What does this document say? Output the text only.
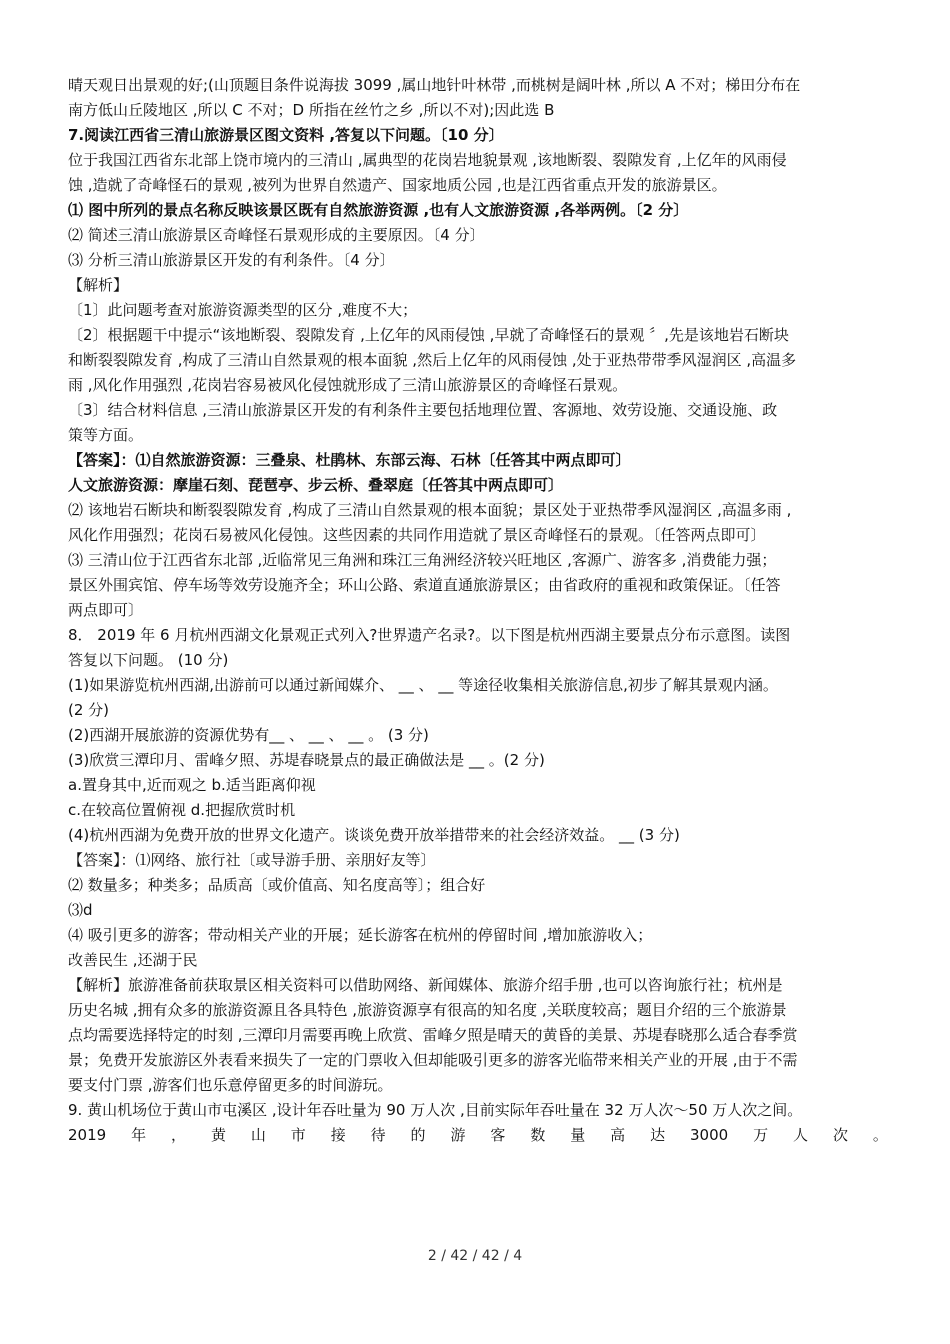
晴天观日出景观的好;(山顶题目条件说海拔 3099 ,属山地针叶林带 ,而桃树是阔叶林 ,所以 A 不对；梯田分布在
南方低山丘陵地区 ,所以 C 不对；D 所指在丝竹之乡 ,所以不对);因此选 B
7.阅读江西省三清山旅游景区图文资料 ,答复以下问题。〔10 分〕
位于我国江西省东北部上饶市境内的三清山 ,属典型的花岗岩地貌景观 ,该地断裂、裂隙发育 ,上亿年的风雨侵
蚀 ,造就了奇峰怪石的景观 ,被列为世界自然遗产、国家地质公园 ,也是江西省重点开发的旅游景区。
⑴ 图中所列的景点名称反映该景区既有自然旅游资源 ,也有人文旅游资源 ,各举两例。〔2 分〕
⑵ 简述三清山旅游景区奇峰怪石景观形成的主要原因。〔4 分〕
⑶ 分析三清山旅游景区开发的有利条件。〔4 分〕
【解析】
〔1〕此问题考查对旅游资源类型的区分 ,难度不大；
〔2〕根据题干中提示“该地断裂、裂隙发育 ,上亿年的风雨侵蚀 ,早就了奇峰怪石的景观 〞,先是该地岩石断块
和断裂裂隙发育 ,构成了三清山自然景观的根本面貌 ,然后上亿年的风雨侵蚀 ,处于亚热带带季风湿润区 ,高温多
雨 ,风化作用强烈 ,花岗岩容易被风化侵蚀就形成了三清山旅游景区的奇峰怪石景观。
〔3〕结合材料信息 ,三清山旅游景区开发的有利条件主要包括地理位置、客源地、效劳设施、交通设施、政
策等方面。
【答案】：⑴自然旅游资源：三叠泉、杜鹃林、东部云海、石林〔任答其中两点即可〕
人文旅游资源：摩崖石刻、琵琶亭、步云桥、叠翠庭〔任答其中两点即可〕
⑵ 该地岩石断块和断裂裂隙发育 ,构成了三清山自然景观的根本面貌；景区处于亚热带季风湿润区 ,高温多雨 ,
风化作用强烈；花岗石易被风化侵蚀。这些因素的共同作用造就了景区奇峰怪石的景观。〔任答两点即可〕
⑶ 三清山位于江西省东北部 ,近临常见三角洲和珠江三角洲经济较兴旺地区 ,客源广、游客多 ,消费能力强；
景区外围宾馆、停车场等效劳设施齐全；环山公路、索道直通旅游景区；由省政府的重视和政策保证。〔任答
两点即可〕
8． 2019 年 6 月杭州西湖文化景观正式列入?世界遗产名录?。以下图是杭州西湖主要景点分布示意图。读图
答复以下问题。 (10 分)
(1)如果游览杭州西湖,出游前可以通过新闻媒介、 __ 、 __ 等途径收集相关旅游信息,初步了解其景观内涵。
(2 分)
(2)西湖开展旅游的资源优势有__ 、 __ 、 __ 。 (3 分)
(3)欣赏三潭印月、雷峰夕照、苏堤春晓景点的最正确做法是 __ 。(2 分)
a.置身其中,近而观之 b.适当距离仰视
c.在较高位置俯视 d.把握欣赏时机
(4)杭州西湖为免费开放的世界文化遗产。谈谈免费开放举措带来的社会经济效益。 __ (3 分)
【答案】：⑴网络、旅行社〔或导游手册、亲朋好友等〕
⑵ 数量多；种类多；品质高〔或价值高、知名度高等〕；组合好
⑶d
⑷ 吸引更多的游客；带动相关产业的开展；延长游客在杭州的停留时间 ,增加旅游收入；
改善民生 ,还湖于民
【解析】旅游准备前获取景区相关资料可以借助网络、新闻媒体、旅游介绍手册 ,也可以咨询旅行社；杭州是
历史名城 ,拥有众多的旅游资源且各具特色 ,旅游资源享有很高的知名度 ,关联度较高；题目介绍的三个旅游景
点均需要选择特定的时刻 ,三潭印月需要再晚上欣赏、雷峰夕照是晴天的黄昏的美景、苏堤春晓那么适合春季赏
景；免费开发旅游区外表看来损失了一定的门票收入但却能吸引更多的游客光临带来相关产业的开展 ,由于不需
要支付门票 ,游客们也乐意停留更多的时间游玩。
9. 黄山机场位于黄山市屯溪区 ,设计年吞吐量为 90 万人次 ,目前实际年吞吐量在 32 万人次～50 万人次之间。
2019 年 ， 黄 山 市 接 待 的 游 客 数 量 高 达 3000 万 人 次 。
2 / 42 / 42 / 4
